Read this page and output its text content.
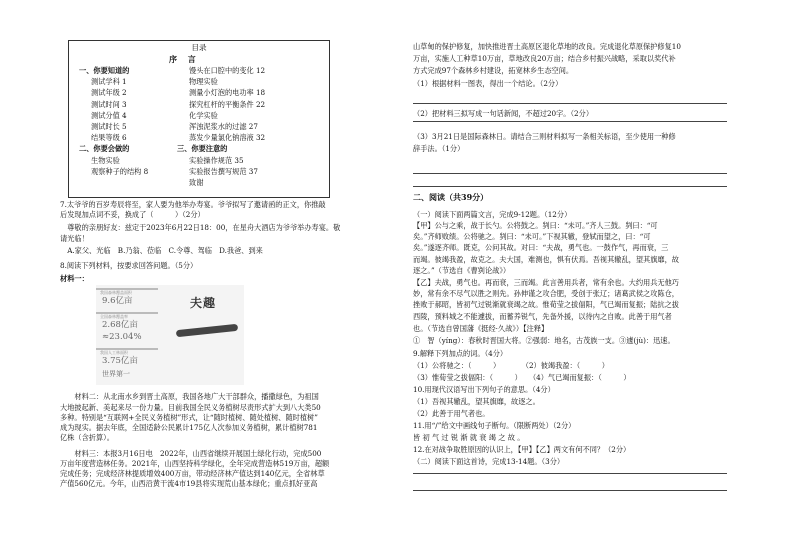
目录
序 言
一、你要知道的
测试学科 1
测试年级 2
测试时间 3
测试分值 4
测试时长 5
结果等级 6
二、你要会做的
生物实验
观察种子的结构 8
馒头在口腔中的变化 12
物理实验
测量小灯泡的电功率 18
探究杠杆的平衡条件 22
化学实验
浑浊泥浆水的过滤 27
蒸发少量氯化钠溶液 32
三、你要注意的
实验操作规范 35
实验报告撰写规范 37
致谢
7.太爷爷的百岁寿辰将至，家人要为他举办寿宴。爷爷拟写了邀请函的正文，你推敲
后发现加点词不妥，换成了（　　　）（2分）
　尊敬的亲朋好友：兹定于2023年6月22日18：00，在星舟大酒店为爷爷举办寿宴。敬
请光临！
　A.家父、光临　B.乃翁、莅临　C.令尊、驾临　D.我爸、到来
8.阅读下列材料，按要求回答问题。（5分）
材料一：
　　材料二：从北南水乡到晋土高原，我国各地广大干部群众，播撒绿色，为祖国
大地披起新、美起来尽一份力量。目前我国全民义务植树尽责形式扩大到八大类50
多种。特别是“互联网+全民义务植树”形式，让“随时植树、随处植树、随时植树”
成为现实。据去年底，全国适龄公民累计175亿人次参加义务植树，累计植树781
亿株（含折算）。
　　材料三：本报3月16日电　2022年，山西省继续开展国土绿化行动，完成500
万亩年度营造林任务。2021年，山西坚持科学绿化，全年完成营造林519万亩，超额
完成任务；完成经济林提质增效400万亩，带动经济林产值达到140亿元，全省林草
产值560亿元。今年，山西沿黄干流4市19县将实现荒山基本绿化；重点抓好亚高
我国森林覆盖面积
9.6亿亩
全国森林覆盖率
2.68亿亩
≈23.04%
我国人工林面积
3.75亿亩
世界第一
夫趣
山草甸的保护修复，加快推进晋土高原区退化草地的改良。完成退化草原保护修复10
万亩，实施人工种草10万亩，草地改良20万亩；结合乡村振兴战略，采取以奖代补
方式完成97个森林乡村建设，拓宽林乡生态空间。
（1）根据材料一图表，得出一个结论。（2分）
（2）把材料三拟写成一句话新闻，不超过20字。（2分）
（3）3月21日是国际森林日。请结合三则材料拟写一条相关标语，至少使用一种修
辞手法。（1分）
二、阅读（共39分）
（一）阅读下面两篇文言，完成9-12题。（12分）
【甲】公与之乘，战于长勺。公将鼓之。刿曰：“未可。”齐人三鼓。刿曰：“可
矣。”齐师败绩。公将驰之。刿曰：“未可。”下视其辙，登轼而望之，曰：“可
矣。”遂逐齐师。既克，公问其故。对曰：“夫战，勇气也。一鼓作气，再而衰，三
而竭。彼竭我盈，故克之。夫大国，难测也，惧有伏焉。吾视其辙乱，望其旗靡，故
逐之。”（节选自《曹刿论战》）
【乙】夫战，勇气也。再而衰，三而竭。此言善用兵者，常有余也。大约用兵无他巧
妙，常有余不尽气以胜之则先。孙伸谨之攻合肥，受创于张辽；诸葛武侯之攻陈仓，
挫败于郝昭，皆初气过锐渐就衰竭之故。惟荀莹之拔偪阳，气已竭而复振；陆抗之拔
西陵，预料城之不能遽拔，而蓄养锐气，先备外援，以待内之自败。此善于用气者
也。（节选自曾国藩《挺经·久战》）【注释】
①　智（yíng）：春秋时晋国大将。②强弱：地名，古茂族一支。③遽(jù)：迅速。
9.解释下列加点的词。（4分）
（1）公将驰之：（　　　）　　　　（2）彼竭我盈：（　　　）
（3）惟荀莹之拔偪阳：（　　　）　　（4）气已竭而复振：（　　　）
10.用现代汉语写出下列句子的意思。（4分）
（1）吾视其辙乱，望其旗靡，故逐之。
（2）此善于用气者也。
11.用“/”给文中画线句子断句。（限断两处）（2分）
皆 初 气 过 锐 渐 就 衰 竭 之 故 。
12.在对战争取胜原因的认识上，【甲】【乙】两文有何不同？（2分）
（二）阅读下面这首诗，完成13-14题。（3分）
